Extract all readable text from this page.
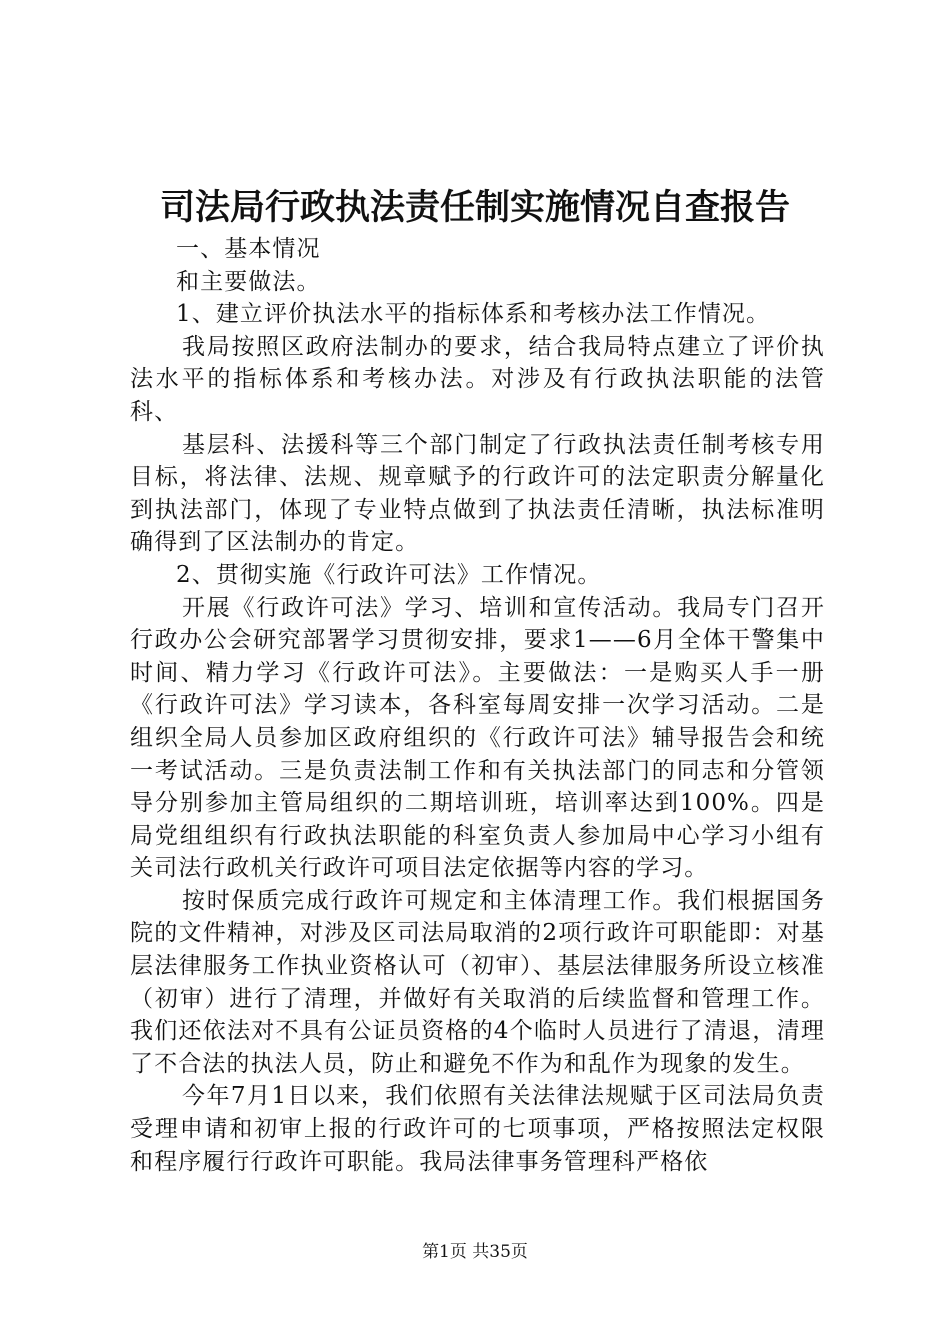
司法局行政执法责任制实施情况自查报告

一、基本情况

和主要做法。

1、建立评价执法水平的指标体系和考核办法工作情况。

我局按照区政府法制办的要求，结合我局特点建立了评价执法水平的指标体系和考核办法。对涉及有行政执法职能的法管科、

基层科、法援科等三个部门制定了行政执法责任制考核专用目标，将法律、法规、规章赋予的行政许可的法定职责分解量化到执法部门，体现了专业特点做到了执法责任清晰，执法标准明确得到了区法制办的肯定。

2、贯彻实施《行政许可法》工作情况。

开展《行政许可法》学习、培训和宣传活动。我局专门召开行政办公会研究部署学习贯彻安排，要求1——6月全体干警集中时间、精力学习《行政许可法》。主要做法：一是购买人手一册《行政许可法》学习读本，各科室每周安排一次学习活动。二是组织全局人员参加区政府组织的《行政许可法》辅导报告会和统一考试活动。三是负责法制工作和有关执法部门的同志和分管领导分别参加主管局组织的二期培训班，培训率达到100%。四是局党组组织有行政执法职能的科室负责人参加局中心学习小组有关司法行政机关行政许可项目法定依据等内容的学习。

按时保质完成行政许可规定和主体清理工作。我们根据国务院的文件精神，对涉及区司法局取消的2项行政许可职能即：对基层法律服务工作执业资格认可（初审）、基层法律服务所设立核准（初审）进行了清理，并做好有关取消的后续监督和管理工作。我们还依法对不具有公证员资格的4个临时人员进行了清退，清理了不合法的执法人员，防止和避免不作为和乱作为现象的发生。

今年7月1日以来，我们依照有关法律法规赋于区司法局负责受理申请和初审上报的行政许可的七项事项，严格按照法定权限和程序履行行政许可职能。我局法律事务管理科严格依

第1页 共35页
